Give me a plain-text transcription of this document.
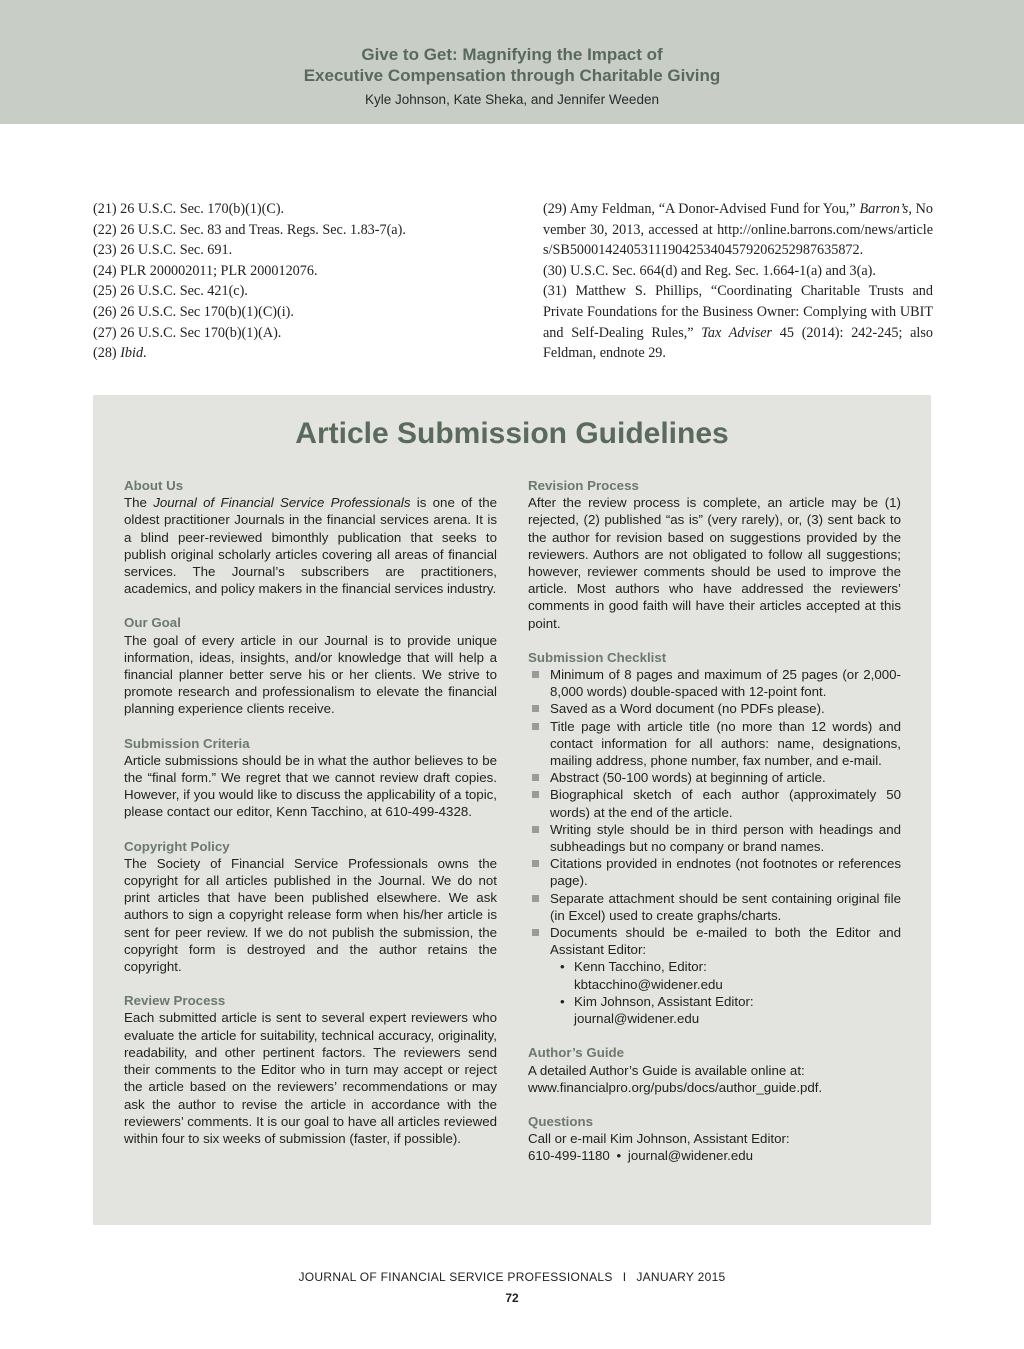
Give to Get: Magnifying the Impact of
Executive Compensation through Charitable Giving
Kyle Johnson, Kate Sheka, and Jennifer Weeden
(21) 26 U.S.C. Sec. 170(b)(1)(C).
(22) 26 U.S.C. Sec. 83 and Treas. Regs. Sec. 1.83-7(a).
(23) 26 U.S.C. Sec. 691.
(24) PLR 200002011; PLR 200012076.
(25) 26 U.S.C. Sec. 421(c).
(26) 26 U.S.C. Sec 170(b)(1)(C)(i).
(27) 26 U.S.C. Sec 170(b)(1)(A).
(28) Ibid.
(29) Amy Feldman, “A Donor-Advised Fund for You,” Barron’s, November 30, 2013, accessed at http://online.barrons.com/news/articles/SB50001424053111904253404579206252987635872.
(30) U.S.C. Sec. 664(d) and Reg. Sec. 1.664-1(a) and 3(a).
(31) Matthew S. Phillips, “Coordinating Charitable Trusts and Private Foundations for the Business Owner: Complying with UBIT and Self-Dealing Rules,” Tax Adviser 45 (2014): 242-245; also Feldman, endnote 29.
Article Submission Guidelines
About Us
The Journal of Financial Service Professionals is one of the oldest practitioner Journals in the financial services arena. It is a blind peer-reviewed bimonthly publication that seeks to publish original scholarly articles covering all areas of financial services. The Journal’s subscribers are practitioners, academics, and policy makers in the financial services industry.
Our Goal
The goal of every article in our Journal is to provide unique information, ideas, insights, and/or knowledge that will help a financial planner better serve his or her clients. We strive to promote research and professionalism to elevate the financial planning experience clients receive.
Submission Criteria
Article submissions should be in what the author believes to be the “final form.” We regret that we cannot review draft copies. However, if you would like to discuss the applicability of a topic, please contact our editor, Kenn Tacchino, at 610-499-4328.
Copyright Policy
The Society of Financial Service Professionals owns the copyright for all articles published in the Journal. We do not print articles that have been published elsewhere. We ask authors to sign a copyright release form when his/her article is sent for peer review. If we do not publish the submission, the copyright form is destroyed and the author retains the copyright.
Review Process
Each submitted article is sent to several expert reviewers who evaluate the article for suitability, technical accuracy, originality, readability, and other pertinent factors. The reviewers send their comments to the Editor who in turn may accept or reject the article based on the reviewers’ recommendations or may ask the author to revise the article in accordance with the reviewers’ comments. It is our goal to have all articles reviewed within four to six weeks of submission (faster, if possible).
Revision Process
After the review process is complete, an article may be (1) rejected, (2) published “as is” (very rarely), or, (3) sent back to the author for revision based on suggestions provided by the reviewers. Authors are not obligated to follow all suggestions; however, reviewer comments should be used to improve the article. Most authors who have addressed the reviewers’ comments in good faith will have their articles accepted at this point.
Submission Checklist
Minimum of 8 pages and maximum of 25 pages (or 2,000-8,000 words) double-spaced with 12-point font.
Saved as a Word document (no PDFs please).
Title page with article title (no more than 12 words) and contact information for all authors: name, designations, mailing address, phone number, fax number, and e-mail.
Abstract (50-100 words) at beginning of article.
Biographical sketch of each author (approximately 50 words) at the end of the article.
Writing style should be in third person with headings and subheadings but no company or brand names.
Citations provided in endnotes (not footnotes or references page).
Separate attachment should be sent containing original file (in Excel) used to create graphs/charts.
Documents should be e-mailed to both the Editor and Assistant Editor:
• Kenn Tacchino, Editor:
kbtacchino@widener.edu
• Kim Johnson, Assistant Editor:
journal@widener.edu
Author’s Guide
A detailed Author’s Guide is available online at:
www.financialpro.org/pubs/docs/author_guide.pdf.
Questions
Call or e-mail Kim Johnson, Assistant Editor:
610-499-1180 • journal@widener.edu
JOURNAL OF FINANCIAL SERVICE PROFESSIONALS I JANUARY 2015
72
